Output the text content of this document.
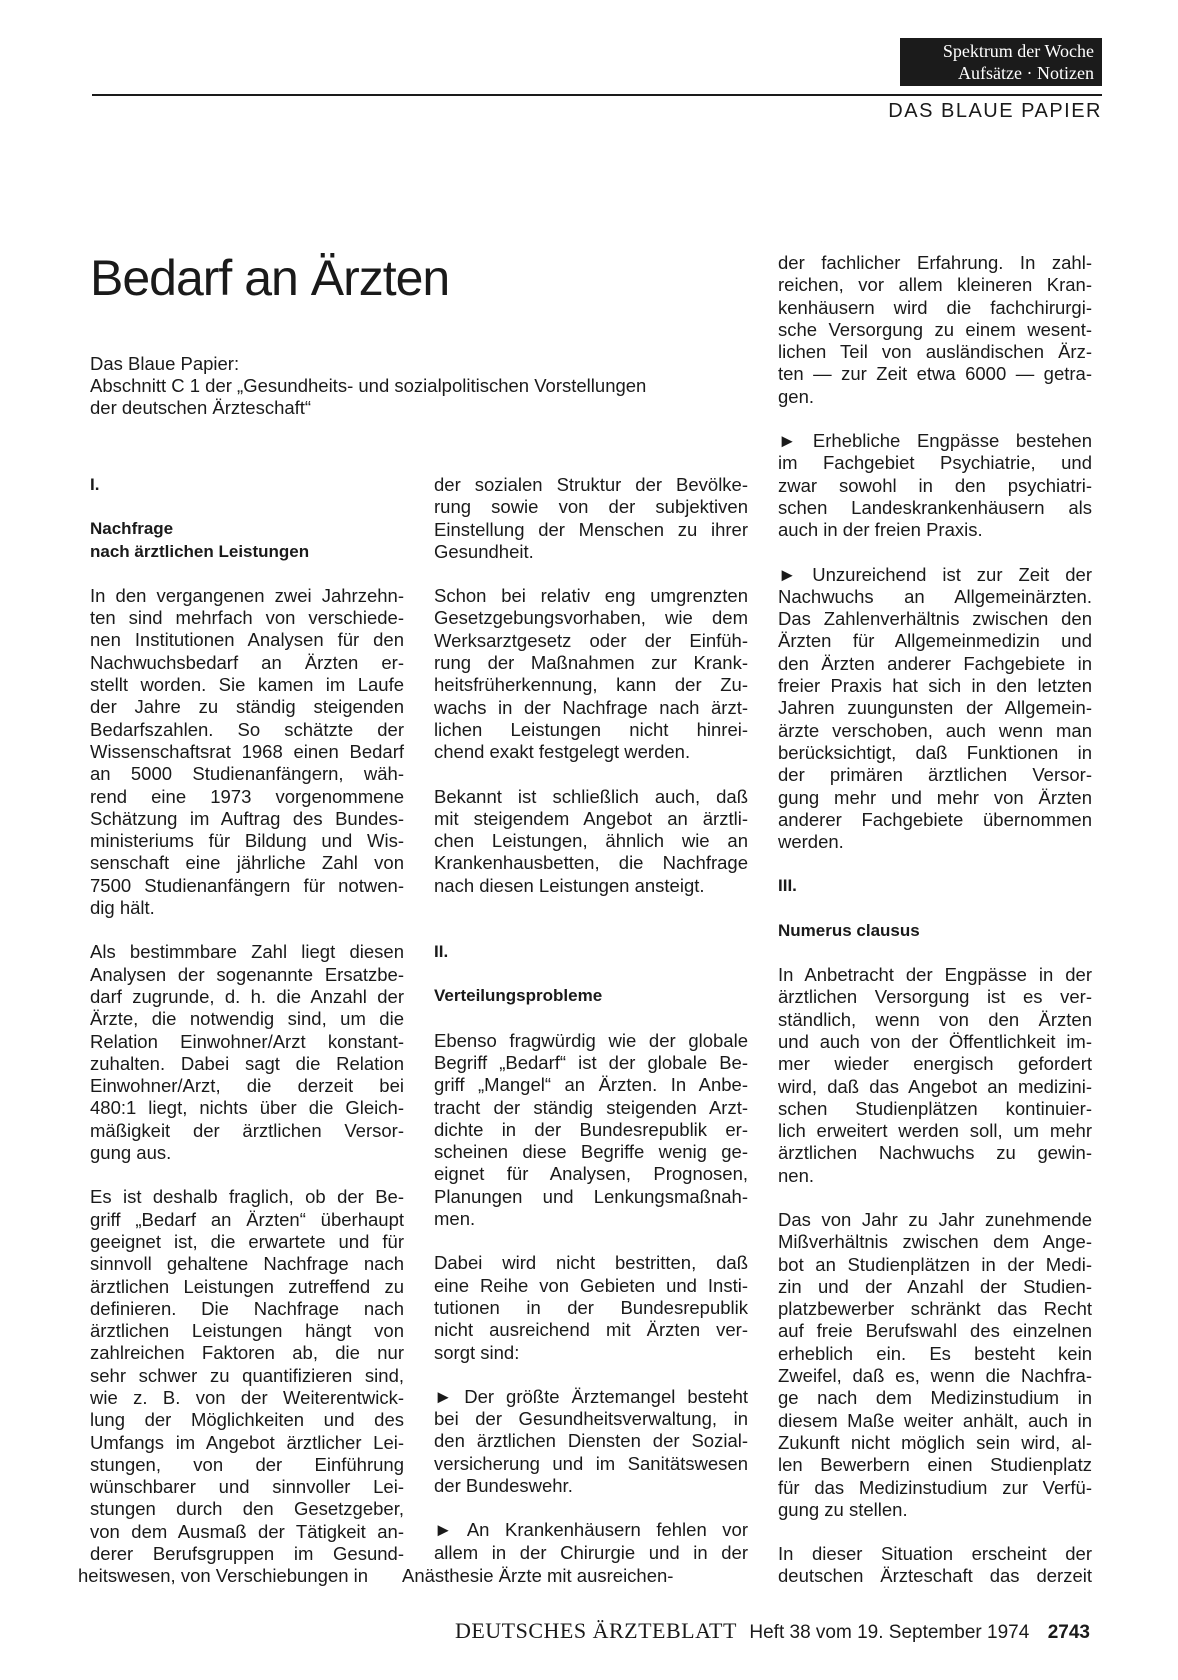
Spektrum der Woche
Aufsätze · Notizen
DAS BLAUE PAPIER
Bedarf an Ärzten
Das Blaue Papier:
Abschnitt C 1 der „Gesundheits- und sozialpolitischen Vorstellungen
der deutschen Ärzteschaft“
I.
Nachfrage
nach ärztlichen Leistungen
In den vergangenen zwei Jahrzehn-
ten sind mehrfach von verschiede-
nen Institutionen Analysen für den
Nachwuchsbedarf an Ärzten er-
stellt worden. Sie kamen im Laufe
der Jahre zu ständig steigenden
Bedarfszahlen. So schätzte der
Wissenschaftsrat 1968 einen Bedarf
an 5000 Studienanfängern, wäh-
rend eine 1973 vorgenommene
Schätzung im Auftrag des Bundes-
ministeriums für Bildung und Wis-
senschaft eine jährliche Zahl von
7500 Studienanfängern für notwen-
dig hält.
Als bestimmbare Zahl liegt diesen
Analysen der sogenannte Ersatzbe-
darf zugrunde, d. h. die Anzahl der
Ärzte, die notwendig sind, um die
Relation Einwohner/Arzt konstant-
zuhalten. Dabei sagt die Relation
Einwohner/Arzt, die derzeit bei
480:1 liegt, nichts über die Gleich-
mäßigkeit der ärztlichen Versor-
gung aus.
Es ist deshalb fraglich, ob der Be-
griff „Bedarf an Ärzten“ überhaupt
geeignet ist, die erwartete und für
sinnvoll gehaltene Nachfrage nach
ärztlichen Leistungen zutreffend zu
definieren. Die Nachfrage nach
ärztlichen Leistungen hängt von
zahlreichen Faktoren ab, die nur
sehr schwer zu quantifizieren sind,
wie z. B. von der Weiterentwick-
lung der Möglichkeiten und des
Umfangs im Angebot ärztlicher Lei-
stungen, von der Einführung
wünschbarer und sinnvoller Lei-
stungen durch den Gesetzgeber,
von dem Ausmaß der Tätigkeit an-
derer Berufsgruppen im Gesund-
der sozialen Struktur der Bevölke-
rung sowie von der subjektiven
Einstellung der Menschen zu ihrer
Gesundheit.
Schon bei relativ eng umgrenzten
Gesetzgebungsvorhaben, wie dem
Werksarztgesetz oder der Einfüh-
rung der Maßnahmen zur Krank-
heitsfrüherkennung, kann der Zu-
wachs in der Nachfrage nach ärzt-
lichen Leistungen nicht hinrei-
chend exakt festgelegt werden.
Bekannt ist schließlich auch, daß
mit steigendem Angebot an ärztli-
chen Leistungen, ähnlich wie an
Krankenhausbetten, die Nachfrage
nach diesen Leistungen ansteigt.
II.
Verteilungsprobleme
Ebenso fragwürdig wie der globale
Begriff „Bedarf“ ist der globale Be-
griff „Mangel“ an Ärzten. In Anbe-
tracht der ständig steigenden Arzt-
dichte in der Bundesrepublik er-
scheinen diese Begriffe wenig ge-
eignet für Analysen, Prognosen,
Planungen und Lenkungsmaßnah-
men.
Dabei wird nicht bestritten, daß
eine Reihe von Gebieten und Insti-
tutionen in der Bundesrepublik
nicht ausreichend mit Ärzten ver-
sorgt sind:
► Der größte Ärztemangel besteht
bei der Gesundheitsverwaltung, in
den ärztlichen Diensten der Sozial-
versicherung und im Sanitätswesen
der Bundeswehr.
► An Krankenhäusern fehlen vor
allem in der Chirurgie und in der
der fachlicher Erfahrung. In zahl-
reichen, vor allem kleineren Kran-
kenhäusern wird die fachchirurgi-
sche Versorgung zu einem wesent-
lichen Teil von ausländischen Ärz-
ten — zur Zeit etwa 6000 — getra-
gen.
► Erhebliche Engpässe bestehen
im Fachgebiet Psychiatrie, und
zwar sowohl in den psychiatri-
schen Landeskrankenhäusern als
auch in der freien Praxis.
► Unzureichend ist zur Zeit der
Nachwuchs an Allgemeinärzten.
Das Zahlenverhältnis zwischen den
Ärzten für Allgemeinmedizin und
den Ärzten anderer Fachgebiete in
freier Praxis hat sich in den letzten
Jahren zuungunsten der Allgemein-
ärzte verschoben, auch wenn man
berücksichtigt, daß Funktionen in
der primären ärztlichen Versor-
gung mehr und mehr von Ärzten
anderer Fachgebiete übernommen
werden.
III.
Numerus clausus
In Anbetracht der Engpässe in der
ärztlichen Versorgung ist es ver-
ständlich, wenn von den Ärzten
und auch von der Öffentlichkeit im-
mer wieder energisch gefordert
wird, daß das Angebot an medizini-
schen Studienplätzen kontinuier-
lich erweitert werden soll, um mehr
ärztlichen Nachwuchs zu gewin-
nen.
Das von Jahr zu Jahr zunehmende
Mißverhältnis zwischen dem Ange-
bot an Studienplätzen in der Medi-
zin und der Anzahl der Studien-
platzbewerber schränkt das Recht
auf freie Berufswahl des einzelnen
erheblich ein. Es besteht kein
Zweifel, daß es, wenn die Nachfra-
ge nach dem Medizinstudium in
diesem Maße weiter anhält, auch in
Zukunft nicht möglich sein wird, al-
len Bewerbern einen Studienplatz
für das Medizinstudium zur Verfü-
gung zu stellen.
In dieser Situation erscheint der
deutschen Ärzteschaft das derzeit
heitswesen, von Verschiebungen in Anästhesie Ärzte mit ausreichen-
DEUTSCHES ÄRZTEBLATT Heft 38 vom 19. September 1974 2743
